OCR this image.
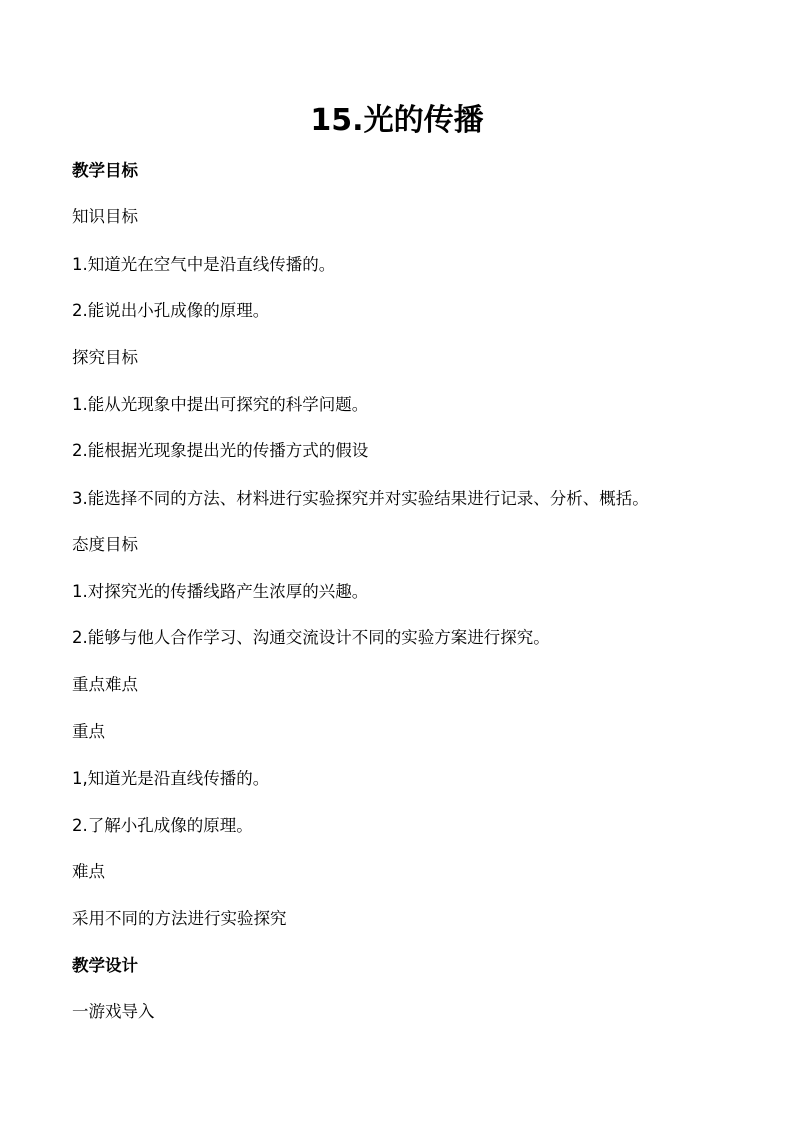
15.光的传播
教学目标
知识目标
1.知道光在空气中是沿直线传播的。
2.能说出小孔成像的原理。
探究目标
1.能从光现象中提出可探究的科学问题。
2.能根据光现象提出光的传播方式的假设
3.能选择不同的方法、材料进行实验探究并对实验结果进行记录、分析、概括。
态度目标
1.对探究光的传播线路产生浓厚的兴趣。
2.能够与他人合作学习、沟通交流设计不同的实验方案进行探究。
重点难点
重点
1,知道光是沿直线传播的。
2.了解小孔成像的原理。
难点
采用不同的方法进行实验探究
教学设计
一游戏导入
